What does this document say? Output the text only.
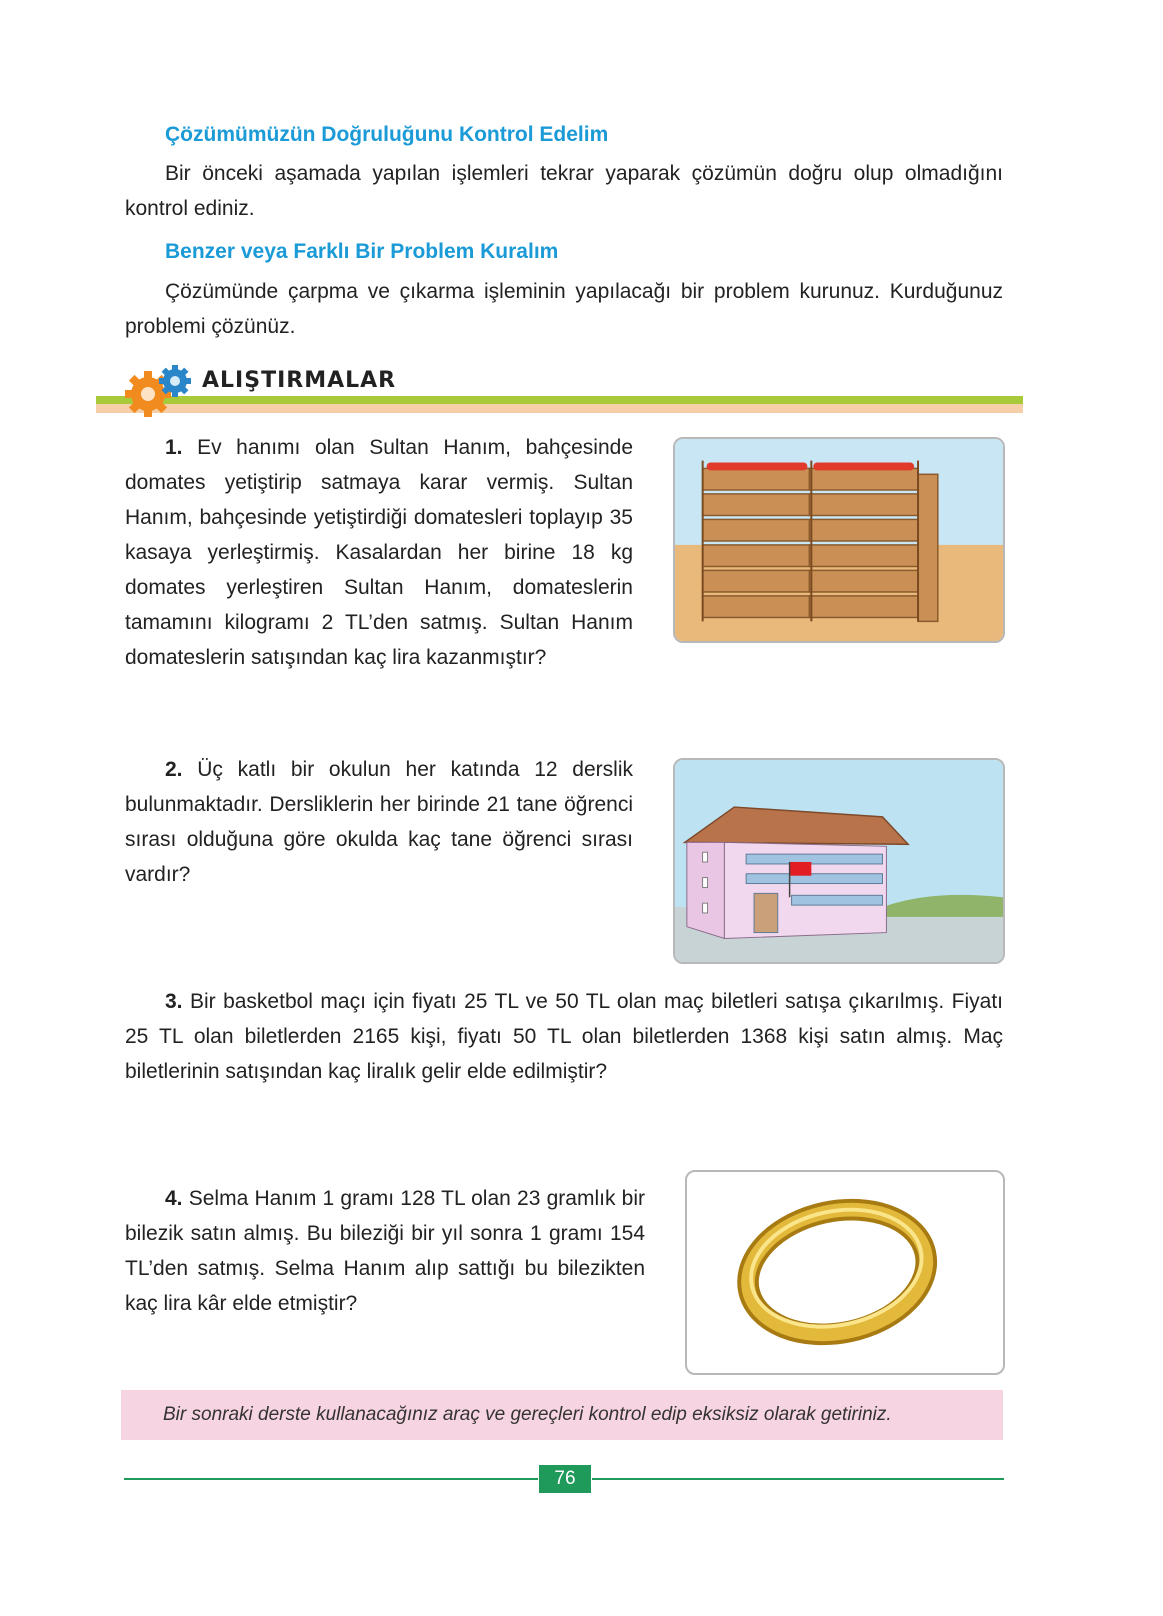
Çözümümüzün Doğruluğunu Kontrol Edelim
Bir önceki aşamada yapılan işlemleri tekrar yaparak çözümün doğru olup olmadığını kontrol ediniz.
Benzer veya Farklı Bir Problem Kuralım
Çözümünde çarpma ve çıkarma işleminin yapılacağı bir problem kurunuz. Kurduğunuz problemi çözünüz.
ALIŞTIRMALAR
1. Ev hanımı olan Sultan Hanım, bahçesinde domates yetiştirip satmaya karar vermiş. Sultan Hanım, bahçesinde yetiştirdiği domatesleri toplayıp 35 kasaya yerleştirmiş. Kasalardan her birine 18 kg domates yerleştiren Sultan Hanım, domateslerin tamamını kilogramı 2 TL’den satmış. Sultan Hanım domateslerin satışından kaç lira kazanmıştır?
2. Üç katlı bir okulun her katında 12 derslik bulunmaktadır. Dersliklerin her birinde 21 tane öğrenci sırası olduğuna göre okulda kaç tane öğrenci sırası vardır?
3. Bir basketbol maçı için fiyatı 25 TL ve 50 TL olan maç biletleri satışa çıkarılmış. Fiyatı 25 TL olan biletlerden 2165 kişi, fiyatı 50 TL olan biletlerden 1368 kişi satın almış. Maç biletlerinin satışından kaç liralık gelir elde edilmiştir?
4. Selma Hanım 1 gramı 128 TL olan 23 gramlık bir bilezik satın almış. Bu bileziği bir yıl sonra 1 gramı 154 TL’den satmış. Selma Hanım alıp sattığı bu bilezikten kaç lira kâr elde etmiştir?
Bir sonraki derste kullanacağınız araç ve gereçleri kontrol edip eksiksiz olarak getiriniz.
76
